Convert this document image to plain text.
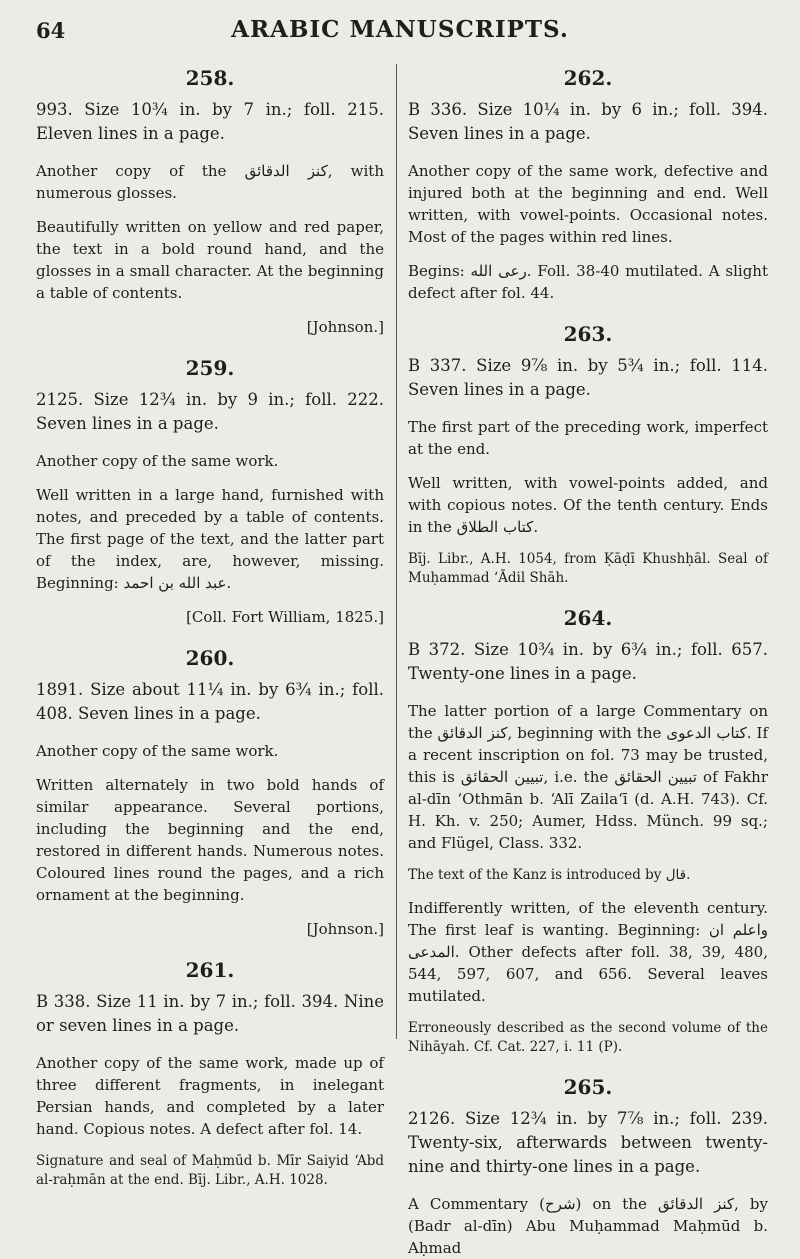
64	ARABIC MANUSCRIPTS.
258.

993. Size 10¾ in. by 7 in.; foll. 215. Eleven lines in a page.

Another copy of the كنز الدقائق, with numerous glosses.

Beautifully written on yellow and red paper, the text in a bold round hand, and the glosses in a small character. At the beginning a table of contents.

[Johnson.]

259.

2125. Size 12¾ in. by 9 in.; foll. 222. Seven lines in a page.

Another copy of the same work.

Well written in a large hand, furnished with notes, and preceded by a table of contents. The first page of the text, and the latter part of the index, are, however, missing. Beginning: عبد الله بن احمد.

[Coll. Fort William, 1825.]

260.

1891. Size about 11¼ in. by 6¾ in.; foll. 408. Seven lines in a page.

Another copy of the same work.

Written alternately in two bold hands of similar appearance. Several portions, including the beginning and the end, restored in different hands. Numerous notes. Coloured lines round the pages, and a rich ornament at the beginning.

[Johnson.]

261.

B 338. Size 11 in. by 7 in.; foll. 394. Nine or seven lines in a page.

Another copy of the same work, made up of three different fragments, in inelegant Persian hands, and completed by a later hand. Copious notes. A defect after fol. 14.

Signature and seal of Maḥmūd b. Mīr Saiyid ‘Abd al-raḥmān at the end. Bīj. Libr., A.H. 1028.

262.

B 336. Size 10¼ in. by 6 in.; foll. 394. Seven lines in a page.

Another copy of the same work, defective and injured both at the beginning and end. Well written, with vowel-points. Occasional notes. Most of the pages within red lines.

Begins: رعى الله. Foll. 38-40 mutilated. A slight defect after fol. 44.

263.

B 337. Size 9⅞ in. by 5¾ in.; foll. 114. Seven lines in a page.

The first part of the preceding work, imperfect at the end.

Well written, with vowel-points added, and with copious notes. Of the tenth century. Ends in the كتاب الطلاق.

Bīj. Libr., A.H. 1054, from Ḳāḍī Khushḥāl. Seal of Muḥammad ‘Ādil Shāh.

264.

B 372. Size 10¾ in. by 6¾ in.; foll. 657. Twenty-one lines in a page.

The latter portion of a large Commentary on the كنز الدقائق, beginning with the كتاب الدعوى. If a recent inscription on fol. 73 may be trusted, this is تبيين الحقائق, i.e. the تبيين الحقائق of Fakhr al-dīn ‘Othmān b. ‘Alī Zaila‘ī (d. A.H. 743). Cf. H. Kh. v. 250; Aumer, Hdss. Münch. 99 sq.; and Flügel, Class. 332.

The text of the Kanz is introduced by قال.

Indifferently written, of the eleventh century. The first leaf is wanting. Beginning: واعلم ان المدعى. Other defects after foll. 38, 39, 480, 544, 597, 607, and 656. Several leaves mutilated.

Erroneously described as the second volume of the Nihāyah. Cf. Cat. 227, i. 11 (P).

265.

2126. Size 12¾ in. by 7⅞ in.; foll. 239. Twenty-six, afterwards between twenty-nine and thirty-one lines in a page.

A Commentary (شرح) on the كنز الدقائق, by (Badr al-dīn) Abu Muḥammad Maḥmūd b. Aḥmad
